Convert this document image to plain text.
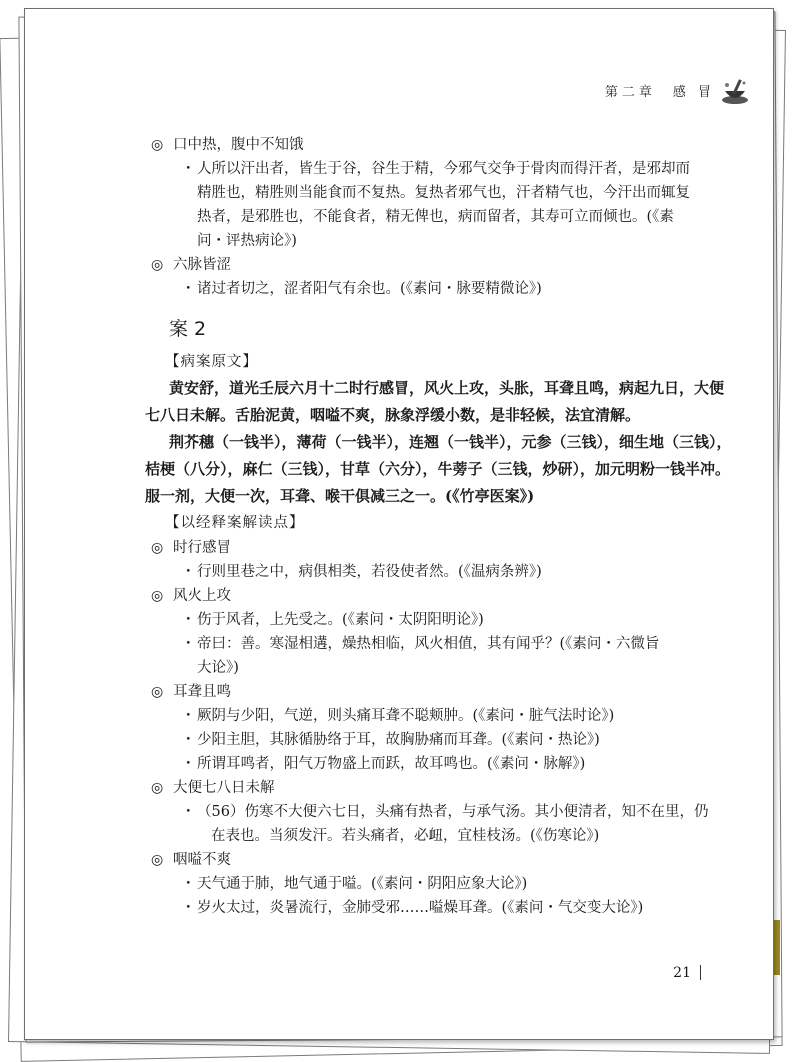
第二章　感 冒
◎ 口中热，腹中不知饿
・ 人所以汗出者，皆生于谷，谷生于精，今邪气交争于骨肉而得汗者，是邪却而
精胜也，精胜则当能食而不复热。复热者邪气也，汗者精气也，今汗出而辄复
热者，是邪胜也，不能食者，精无俾也，病而留者，其寿可立而倾也。(《素
问・评热病论》)
◎ 六脉皆涩
・ 诸过者切之，涩者阳气有余也。(《素问・脉要精微论》)
案 2
【病案原文】
黄安舒，道光壬辰六月十二时行感冒，风火上攻，头胀，耳聋且鸣，病起九日，大便
七八日未解。舌胎泥黄，咽嗌不爽，脉象浮缓小数，是非轻候，法宜清解。
荆芥穗（一钱半），薄荷（一钱半），连翘（一钱半），元参（三钱），细生地（三钱），
桔梗（八分），麻仁（三钱），甘草（六分），牛蒡子（三钱，炒研），加元明粉一钱半冲。
服一剂，大便一次，耳聋、喉干俱减三之一。(《竹亭医案》)
【以经释案解读点】
◎ 时行感冒
・ 行则里巷之中，病俱相类，若役使者然。(《温病条辨》)
◎ 风火上攻
・ 伤于风者，上先受之。(《素问・太阴阳明论》)
・ 帝曰：善。寒湿相遘，燥热相临，风火相值，其有闻乎？(《素问・六微旨
大论》)
◎ 耳聋且鸣
・ 厥阴与少阳，气逆，则头痛耳聋不聪颊肿。(《素问・脏气法时论》)
・ 少阳主胆，其脉循胁络于耳，故胸胁痛而耳聋。(《素问・热论》)
・ 所谓耳鸣者，阳气万物盛上而跃，故耳鸣也。(《素问・脉解》)
◎ 大便七八日未解
・ （56）伤寒不大便六七日，头痛有热者，与承气汤。其小便清者，知不在里，仍
在表也。当须发汗。若头痛者，必衄，宜桂枝汤。(《伤寒论》)
◎ 咽嗌不爽
・ 天气通于肺，地气通于嗌。(《素问・阴阳应象大论》)
・ 岁火太过，炎暑流行，金肺受邪……嗌燥耳聋。(《素问・气交变大论》)
21
